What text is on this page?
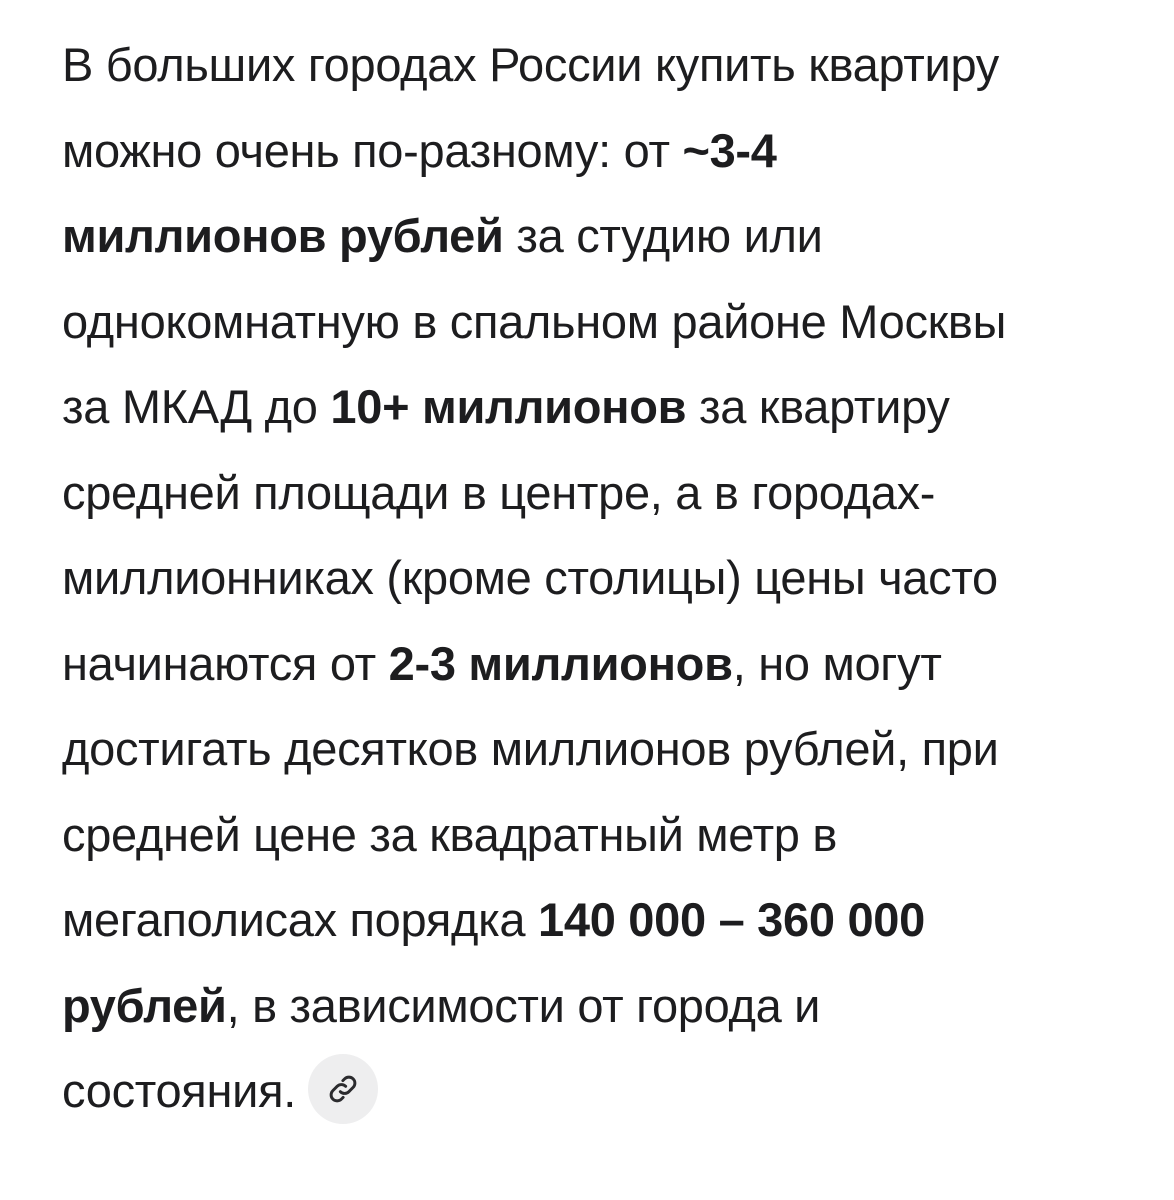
В больших городах России купить квартиру
можно очень по-разному: от ~3-4
миллионов рублей за студию или
однокомнатную в спальном районе Москвы
за МКАД до 10+ миллионов за квартиру
средней площади в центре, а в городах-
миллионниках (кроме столицы) цены часто
начинаются от 2-3 миллионов, но могут
достигать десятков миллионов рублей, при
средней цене за квадратный метр в
мегаполисах порядка 140 000 – 360 000
рублей, в зависимости от города и
состояния.
